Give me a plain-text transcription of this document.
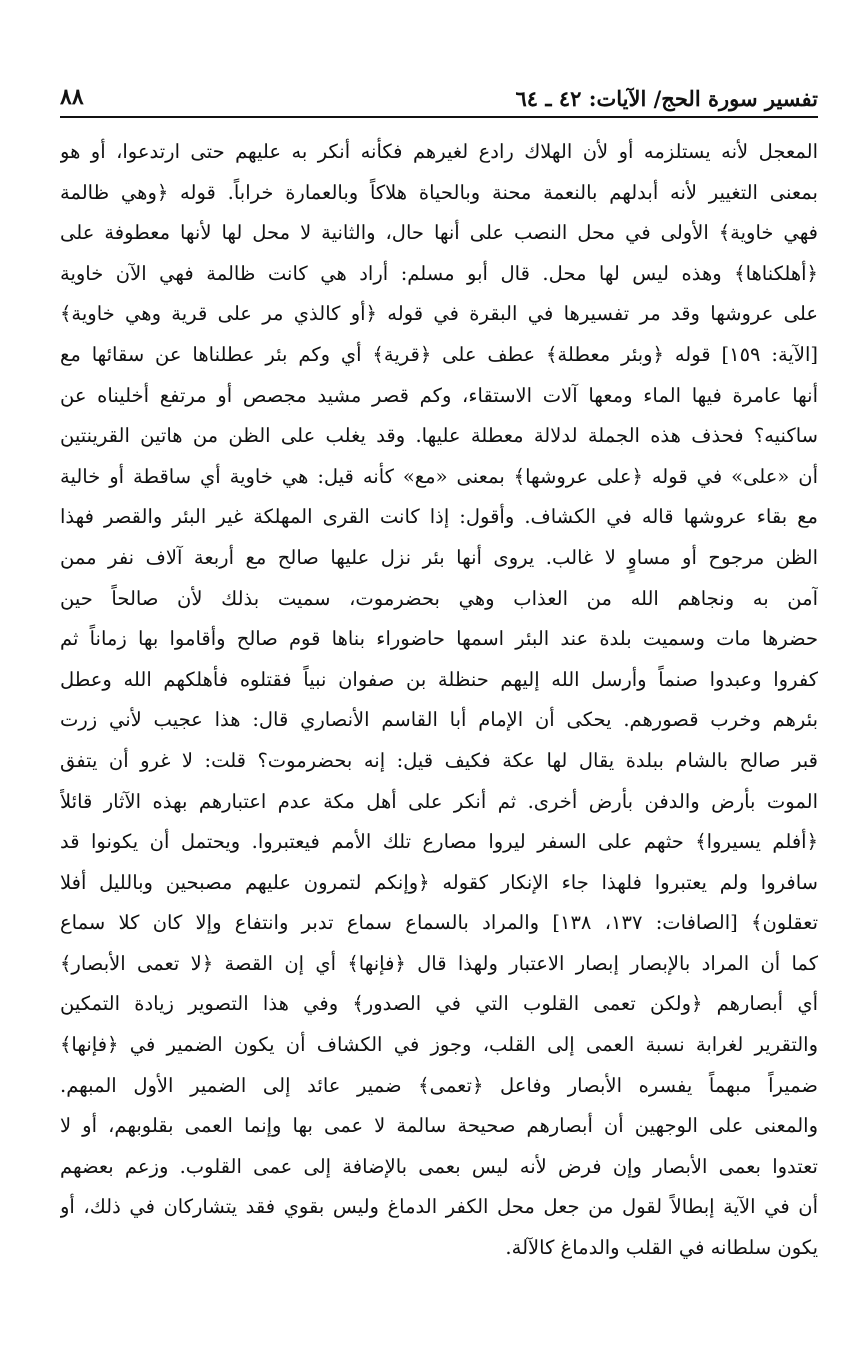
تفسير سورة الحج/ الآيات: ٤٢ ـ ٦٤
٨٨
المعجل لأنه يستلزمه أو لأن الهلاك رادع لغيرهم فكأنه أنكر به عليهم حتى ارتدعوا، أو هو
بمعنى التغيير لأنه أبدلهم بالنعمة محنة وبالحياة هلاكاً وبالعمارة خراباً. قوله ﴿وهي ظالمة
فهي خاوية﴾ الأولى في محل النصب على أنها حال، والثانية لا محل لها لأنها معطوفة على
﴿أهلكناها﴾ وهذه ليس لها محل. قال أبو مسلم: أراد هي كانت ظالمة فهي الآن خاوية
على عروشها وقد مر تفسيرها في البقرة في قوله ﴿أو كالذي مر على قرية وهي خاوية﴾
[الآية: ١٥٩] قوله ﴿وبئر معطلة﴾ عطف على ﴿قرية﴾ أي وكم بئر عطلناها عن سقائها مع
أنها عامرة فيها الماء ومعها آلات الاستقاء، وكم قصر مشيد مجصص أو مرتفع أخليناه عن
ساكنيه؟ فحذف هذه الجملة لدلالة معطلة عليها. وقد يغلب على الظن من هاتين القرينتين
أن «على» في قوله ﴿على عروشها﴾ بمعنى «مع» كأنه قيل: هي خاوية أي ساقطة أو خالية
مع بقاء عروشها قاله في الكشاف. وأقول: إذا كانت القرى المهلكة غير البئر والقصر فهذا
الظن مرجوح أو مساوٍ لا غالب. يروى أنها بئر نزل عليها صالح مع أربعة آلاف نفر ممن
آمن به ونجاهم الله من العذاب وهي بحضرموت، سميت بذلك لأن صالحاً حين
حضرها مات وسميت بلدة عند البئر اسمها حاضوراء بناها قوم صالح وأقاموا بها زماناً ثم
كفروا وعبدوا صنماً وأرسل الله إليهم حنظلة بن صفوان نبياً فقتلوه فأهلكهم الله وعطل
بئرهم وخرب قصورهم. يحكى أن الإمام أبا القاسم الأنصاري قال: هذا عجيب لأني زرت
قبر صالح بالشام ببلدة يقال لها عكة فكيف قيل: إنه بحضرموت؟ قلت: لا غرو أن يتفق
الموت بأرض والدفن بأرض أخرى. ثم أنكر على أهل مكة عدم اعتبارهم بهذه الآثار قائلاً
﴿أفلم يسيروا﴾ حثهم على السفر ليروا مصارع تلك الأمم فيعتبروا. ويحتمل أن يكونوا قد
سافروا ولم يعتبروا فلهذا جاء الإنكار كقوله ﴿وإنكم لتمرون عليهم مصبحين وبالليل أفلا
تعقلون﴾ [الصافات: ١٣٧، ١٣٨] والمراد بالسماع سماع تدبر وانتفاع وإلا كان كلا سماع
كما أن المراد بالإبصار إبصار الاعتبار ولهذا قال ﴿فإنها﴾ أي إن القصة ﴿لا تعمى الأبصار﴾
أي أبصارهم ﴿ولكن تعمى القلوب التي في الصدور﴾ وفي هذا التصوير زيادة التمكين
والتقرير لغرابة نسبة العمى إلى القلب، وجوز في الكشاف أن يكون الضمير في ﴿فإنها﴾
ضميراً مبهماً يفسره الأبصار وفاعل ﴿تعمى﴾ ضمير عائد إلى الضمير الأول المبهم.
والمعنى على الوجهين أن أبصارهم صحيحة سالمة لا عمى بها وإنما العمى بقلوبهم، أو لا
تعتدوا بعمى الأبصار وإن فرض لأنه ليس بعمى بالإضافة إلى عمى القلوب. وزعم بعضهم
أن في الآية إبطالاً لقول من جعل محل الكفر الدماغ وليس بقوي فقد يتشاركان في ذلك، أو
يكون سلطانه في القلب والدماغ كالآلة.
